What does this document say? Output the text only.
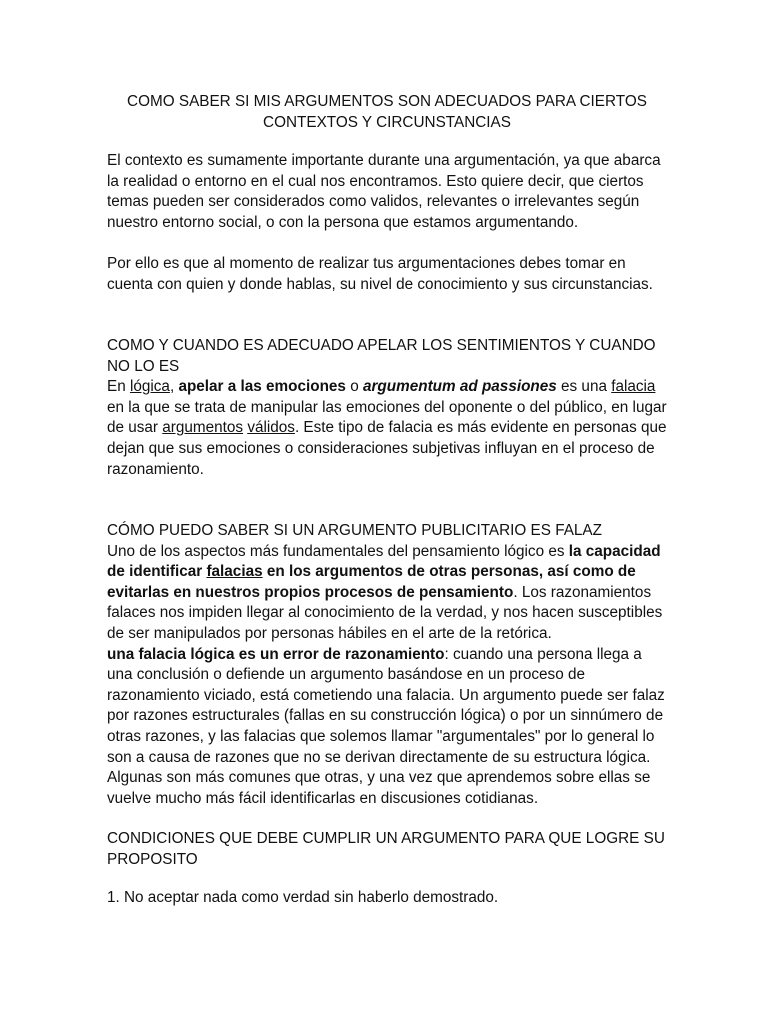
COMO SABER SI MIS ARGUMENTOS SON ADECUADOS PARA CIERTOS
CONTEXTOS Y CIRCUNSTANCIAS
El contexto es sumamente importante durante una argumentación, ya que abarca la realidad o entorno en el cual nos encontramos. Esto quiere decir, que ciertos temas pueden ser considerados como validos, relevantes o irrelevantes según nuestro entorno social, o con la persona que estamos argumentando.
Por ello es que al momento de realizar tus argumentaciones debes tomar en cuenta con quien y donde hablas, su nivel de conocimiento y sus circunstancias.
COMO Y CUANDO ES ADECUADO APELAR LOS SENTIMIENTOS Y CUANDO NO LO ES
En lógica, apelar a las emociones o argumentum ad passiones es una falacia en la que se trata de manipular las emociones del oponente o del público, en lugar de usar argumentos válidos. Este tipo de falacia es más evidente en personas que dejan que sus emociones o consideraciones subjetivas influyan en el proceso de razonamiento.
CÓMO PUEDO SABER SI UN ARGUMENTO PUBLICITARIO ES FALAZ
Uno de los aspectos más fundamentales del pensamiento lógico es la capacidad de identificar falacias en los argumentos de otras personas, así como de evitarlas en nuestros propios procesos de pensamiento. Los razonamientos falaces nos impiden llegar al conocimiento de la verdad, y nos hacen susceptibles de ser manipulados por personas hábiles en el arte de la retórica.
una falacia lógica es un error de razonamiento: cuando una persona llega a una conclusión o defiende un argumento basándose en un proceso de razonamiento viciado, está cometiendo una falacia. Un argumento puede ser falaz por razones estructurales (fallas en su construcción lógica) o por un sinnúmero de otras razones, y las falacias que solemos llamar "argumentales" por lo general lo son a causa de razones que no se derivan directamente de su estructura lógica. Algunas son más comunes que otras, y una vez que aprendemos sobre ellas se vuelve mucho más fácil identificarlas en discusiones cotidianas.
CONDICIONES QUE DEBE CUMPLIR UN ARGUMENTO PARA QUE LOGRE SU PROPOSITO
1. No aceptar nada como verdad sin haberlo demostrado.
